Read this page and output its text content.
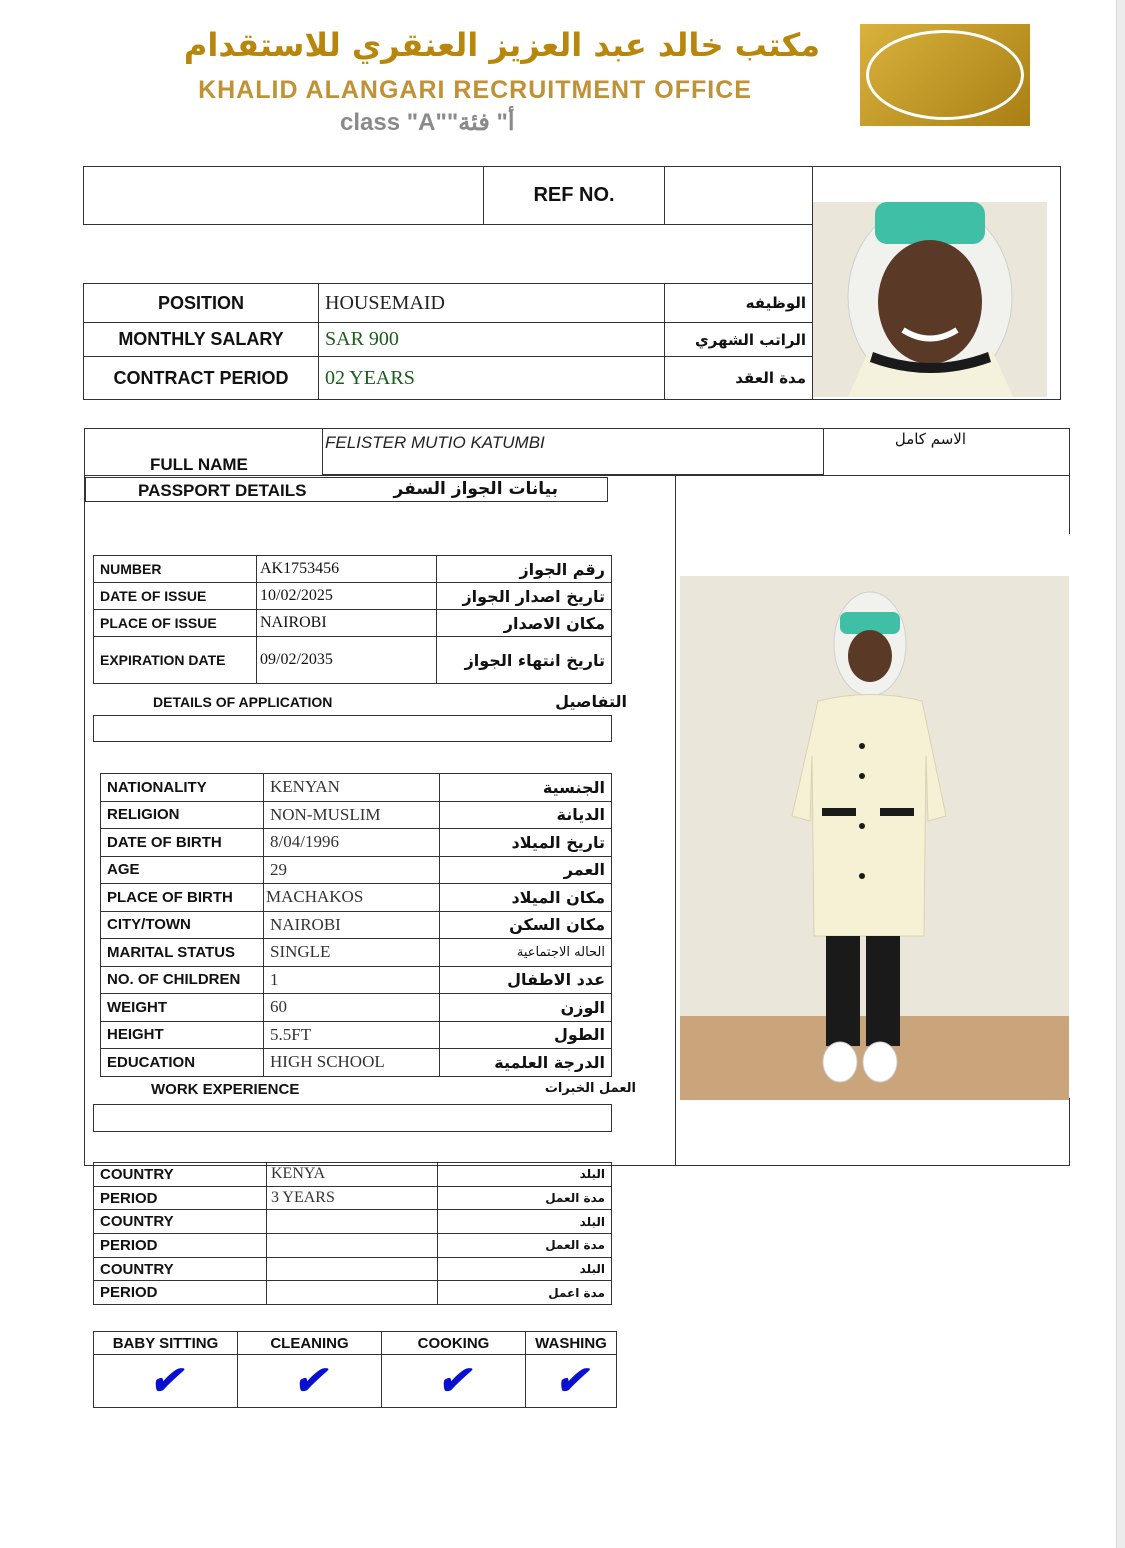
مكتب خالد عبد العزيز العنقري للاستقدام
KHALID ALANGARI RECRUITMENT OFFICE
class "A""أ" فئة
	REF NO.	
POSITION	HOUSEMAID	الوظيفه
MONTHLY SALARY	SAR 900	الراتب الشهري
CONTRACT PERIOD	02 YEARS	مدة العقد
FULL NAME
FELISTER MUTIO KATUMBI	الاسم كامل
PASSPORT DETAILS	بيانات الجواز السفر
NUMBER	AK1753456	رقم الجواز
DATE OF ISSUE	10/02/2025	تاريخ اصدار الجواز
PLACE OF ISSUE	NAIROBI	مكان الاصدار
EXPIRATION DATE	09/02/2035	تاريخ انتهاء الجواز
DETAILS OF APPLICATION	التفاصيل
NATIONALITY	KENYAN	الجنسية
RELIGION	NON-MUSLIM	الديانة
DATE OF BIRTH	8/04/1996	تاريخ الميلاد
AGE	29	العمر
PLACE OF BIRTH	MACHAKOS	مكان الميلاد
CITY/TOWN	NAIROBI	مكان السكن
MARITAL STATUS	SINGLE	الحاله الاجتماعية
NO. OF CHILDREN	1	عدد الاطفال
WEIGHT	60	الوزن
HEIGHT	5.5FT	الطول
EDUCATION	HIGH SCHOOL	الدرجة العلمية
WORK EXPERIENCE	العمل الخبرات
COUNTRY	KENYA	البلد
PERIOD	3 YEARS	مدة العمل
COUNTRY		البلد
PERIOD		مدة العمل
COUNTRY		البلد
PERIOD		مدة اعمل
BABY SITTING	CLEANING	COOKING	WASHING
✔	✔	✔	✔
